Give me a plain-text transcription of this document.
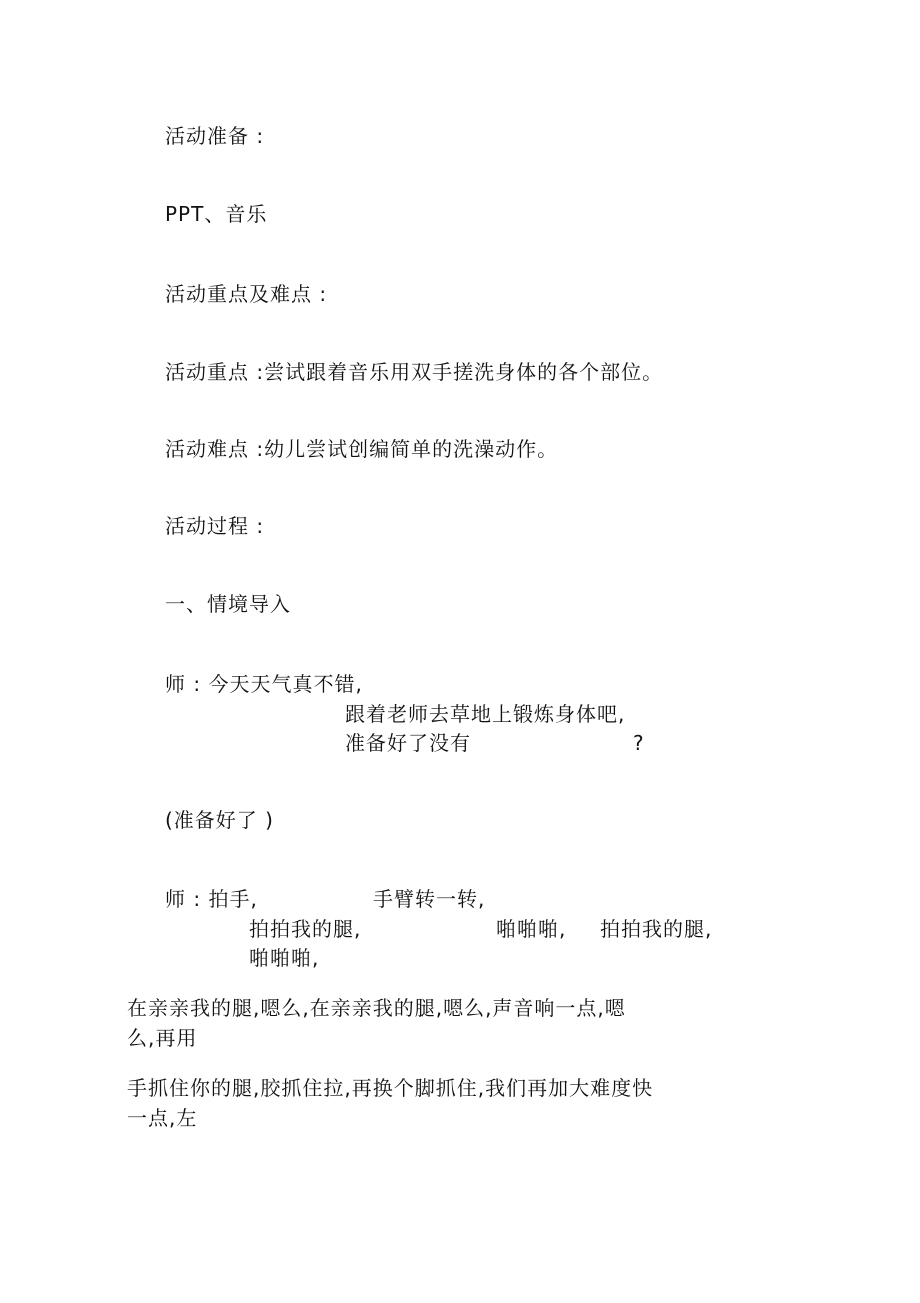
活动准备 :
PPT、音乐
活动重点及难点 :
活动重点 :尝试跟着音乐用双手搓洗身体的各个部位。
活动难点 :幼儿尝试创编简单的洗澡动作。
活动过程 :
一、情境导入
师 : 今天天气真不错,
跟着老师去草地上锻炼身体吧,
准备好了没有	?
(准备好了 )
师 : 拍手,	手臂转一转,
拍拍我的腿,	啪啪啪, 拍拍我的腿,
啪啪啪,
在亲亲我的腿,嗯么,在亲亲我的腿,嗯么,声音响一点,嗯
么,再用
手抓住你的腿,胶抓住拉,再换个脚抓住,我们再加大难度快
一点,左
